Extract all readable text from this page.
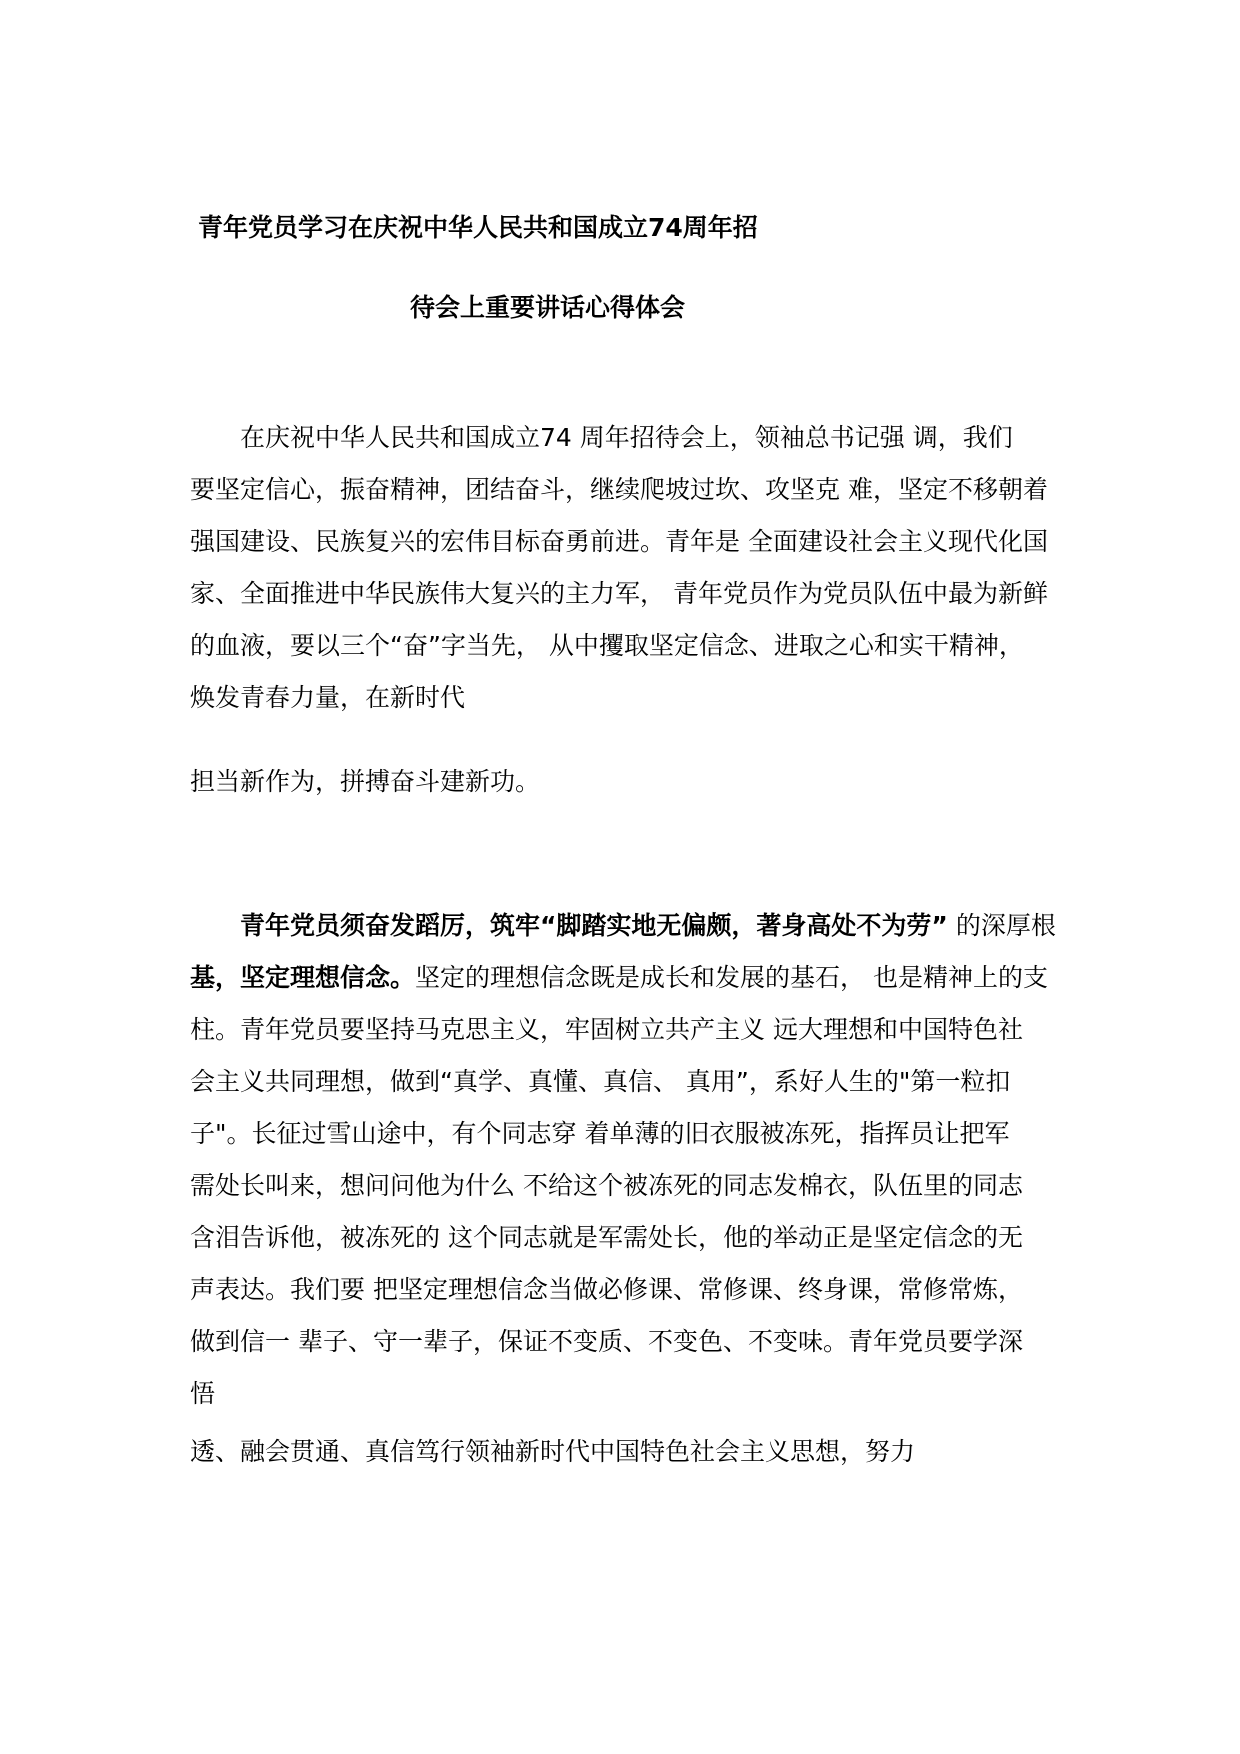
青年党员学习在庆祝中华人民共和国成立74周年招
待会上重要讲话心得体会
在庆祝中华人民共和国成立74 周年招待会上，领袖总书记强 调，我们
要坚定信心，振奋精神，团结奋斗，继续爬坡过坎、攻坚克 难，坚定不移朝着
强国建设、民族复兴的宏伟目标奋勇前进。青年是 全面建设社会主义现代化国
家、全面推进中华民族伟大复兴的主力军， 青年党员作为党员队伍中最为新鲜
的血液，要以三个“奋”字当先， 从中攫取坚定信念、进取之心和实干精神，
焕发青春力量，在新时代
担当新作为，拼搏奋斗建新功。
青年党员须奋发蹈厉，筑牢“脚踏实地无偏颇，著身高处不为劳” 的深厚根
基，坚定理想信念。坚定的理想信念既是成长和发展的基石， 也是精神上的支
柱。青年党员要坚持马克思主义，牢固树立共产主义 远大理想和中国特色社
会主义共同理想，做到“真学、真懂、真信、 真用”，系好人生的"第一粒扣
子"。长征过雪山途中，有个同志穿 着单薄的旧衣服被冻死，指挥员让把军
需处长叫来，想问问他为什么 不给这个被冻死的同志发棉衣，队伍里的同志
含泪告诉他，被冻死的 这个同志就是军需处长，他的举动正是坚定信念的无
声表达。我们要 把坚定理想信念当做必修课、常修课、终身课，常修常炼，
做到信一 辈子、守一辈子，保证不变质、不变色、不变味。青年党员要学深
悟
透、融会贯通、真信笃行领袖新时代中国特色社会主义思想，努力
